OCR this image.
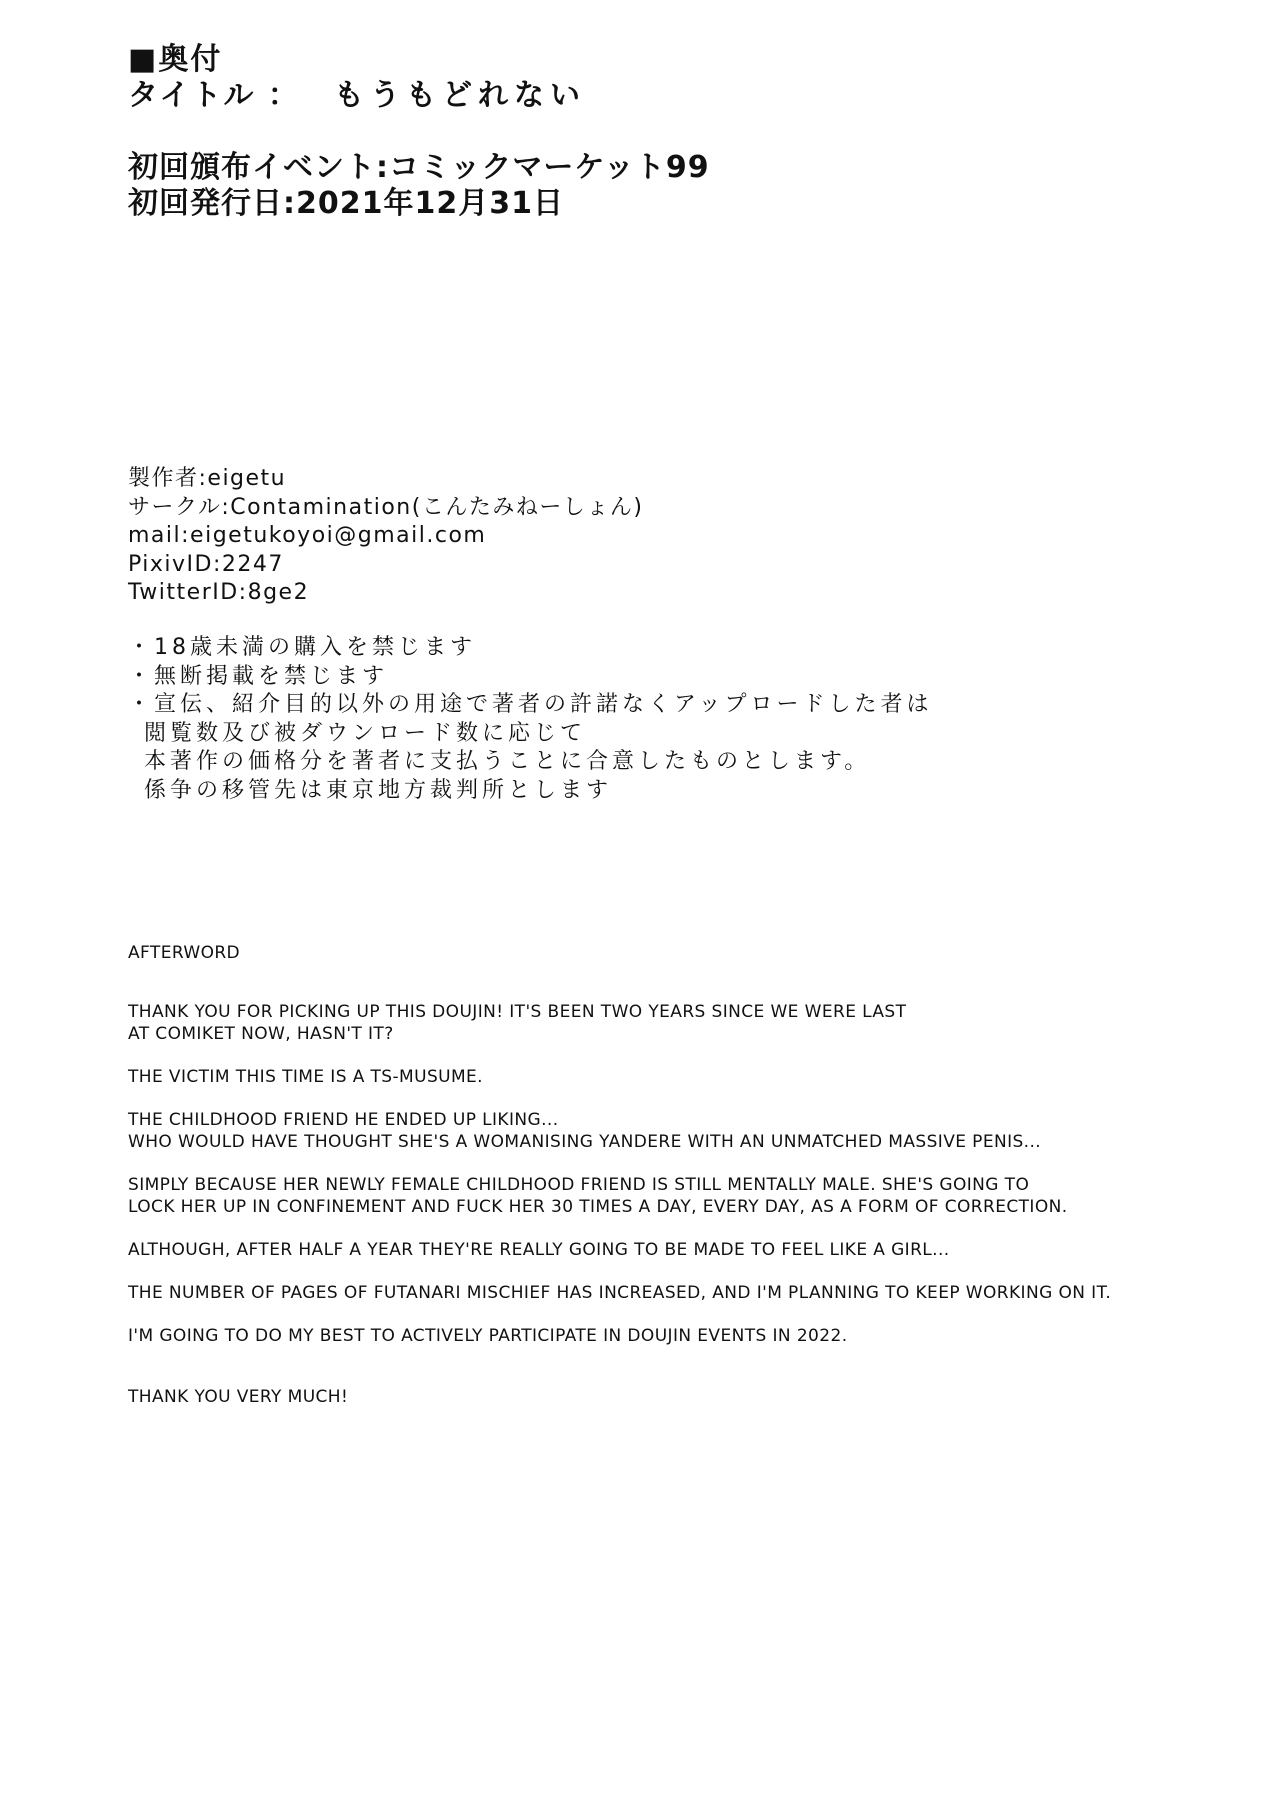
■奥付
タイトル ： もうもどれない
初回頒布イベント:コミックマーケット99
初回発行日:2021年12月31日
製作者:eigetu
サークル:Contamination(こんたみねーしょん)
mail:eigetukoyoi@gmail.com
PixivID:2247
TwitterID:8ge2
・18歳未満の購入を禁じます
・無断掲載を禁じます
・宣伝、紹介目的以外の用途で著者の許諾なくアップロードした者は
閲覧数及び被ダウンロード数に応じて
本著作の価格分を著者に支払うことに合意したものとします。
係争の移管先は東京地方裁判所とします
AFTERWORD

THANK YOU FOR PICKING UP THIS DOUJIN! IT'S BEEN TWO YEARS SINCE WE WERE LAST
AT COMIKET NOW, HASN'T IT?

THE VICTIM THIS TIME IS A TS-MUSUME.

THE CHILDHOOD FRIEND HE ENDED UP LIKING...
WHO WOULD HAVE THOUGHT SHE'S A WOMANISING YANDERE WITH AN UNMATCHED MASSIVE PENIS...

SIMPLY BECAUSE HER NEWLY FEMALE CHILDHOOD FRIEND IS STILL MENTALLY MALE. SHE'S GOING TO
LOCK HER UP IN CONFINEMENT AND FUCK HER 30 TIMES A DAY, EVERY DAY, AS A FORM OF CORRECTION.

ALTHOUGH, AFTER HALF A YEAR THEY'RE REALLY GOING TO BE MADE TO FEEL LIKE A GIRL...

THE NUMBER OF PAGES OF FUTANARI MISCHIEF HAS INCREASED, AND I'M PLANNING TO KEEP WORKING ON IT.

I'M GOING TO DO MY BEST TO ACTIVELY PARTICIPATE IN DOUJIN EVENTS IN 2022.

THANK YOU VERY MUCH!
